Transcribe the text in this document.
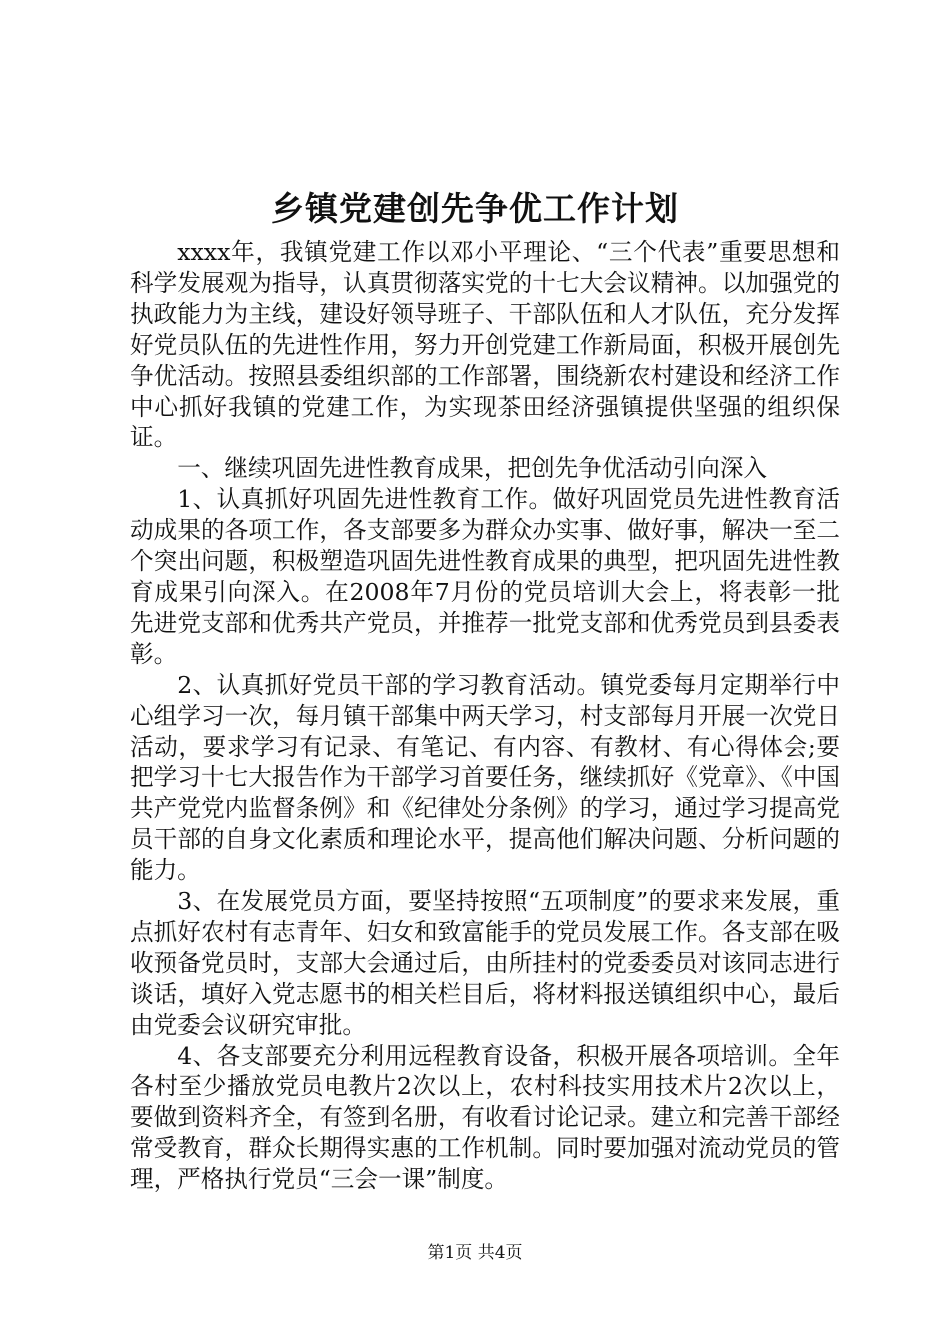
乡镇党建创先争优工作计划

xxxx年，我镇党建工作以邓小平理论、“三个代表”重要思想和科学发展观为指导，认真贯彻落实党的十七大会议精神。以加强党的执政能力为主线，建设好领导班子、干部队伍和人才队伍，充分发挥好党员队伍的先进性作用，努力开创党建工作新局面，积极开展创先争优活动。按照县委组织部的工作部署，围绕新农村建设和经济工作中心抓好我镇的党建工作，为实现茶田经济强镇提供坚强的组织保证。

一、继续巩固先进性教育成果，把创先争优活动引向深入

1、认真抓好巩固先进性教育工作。做好巩固党员先进性教育活动成果的各项工作，各支部要多为群众办实事、做好事，解决一至二个突出问题，积极塑造巩固先进性教育成果的典型，把巩固先进性教育成果引向深入。在2008年7月份的党员培训大会上，将表彰一批先进党支部和优秀共产党员，并推荐一批党支部和优秀党员到县委表彰。

2、认真抓好党员干部的学习教育活动。镇党委每月定期举行中心组学习一次，每月镇干部集中两天学习，村支部每月开展一次党日活动，要求学习有记录、有笔记、有内容、有教材、有心得体会;要把学习十七大报告作为干部学习首要任务，继续抓好《党章》、《中国共产党党内监督条例》和《纪律处分条例》的学习，通过学习提高党员干部的自身文化素质和理论水平，提高他们解决问题、分析问题的能力。

3、在发展党员方面，要坚持按照“五项制度”的要求来发展，重点抓好农村有志青年、妇女和致富能手的党员发展工作。各支部在吸收预备党员时，支部大会通过后，由所挂村的党委委员对该同志进行谈话，填好入党志愿书的相关栏目后，将材料报送镇组织中心，最后由党委会议研究审批。

4、各支部要充分利用远程教育设备，积极开展各项培训。全年各村至少播放党员电教片2次以上，农村科技实用技术片2次以上，要做到资料齐全，有签到名册，有收看讨论记录。建立和完善干部经常受教育，群众长期得实惠的工作机制。同时要加强对流动党员的管理，严格执行党员“三会一课”制度。

第1页 共4页
